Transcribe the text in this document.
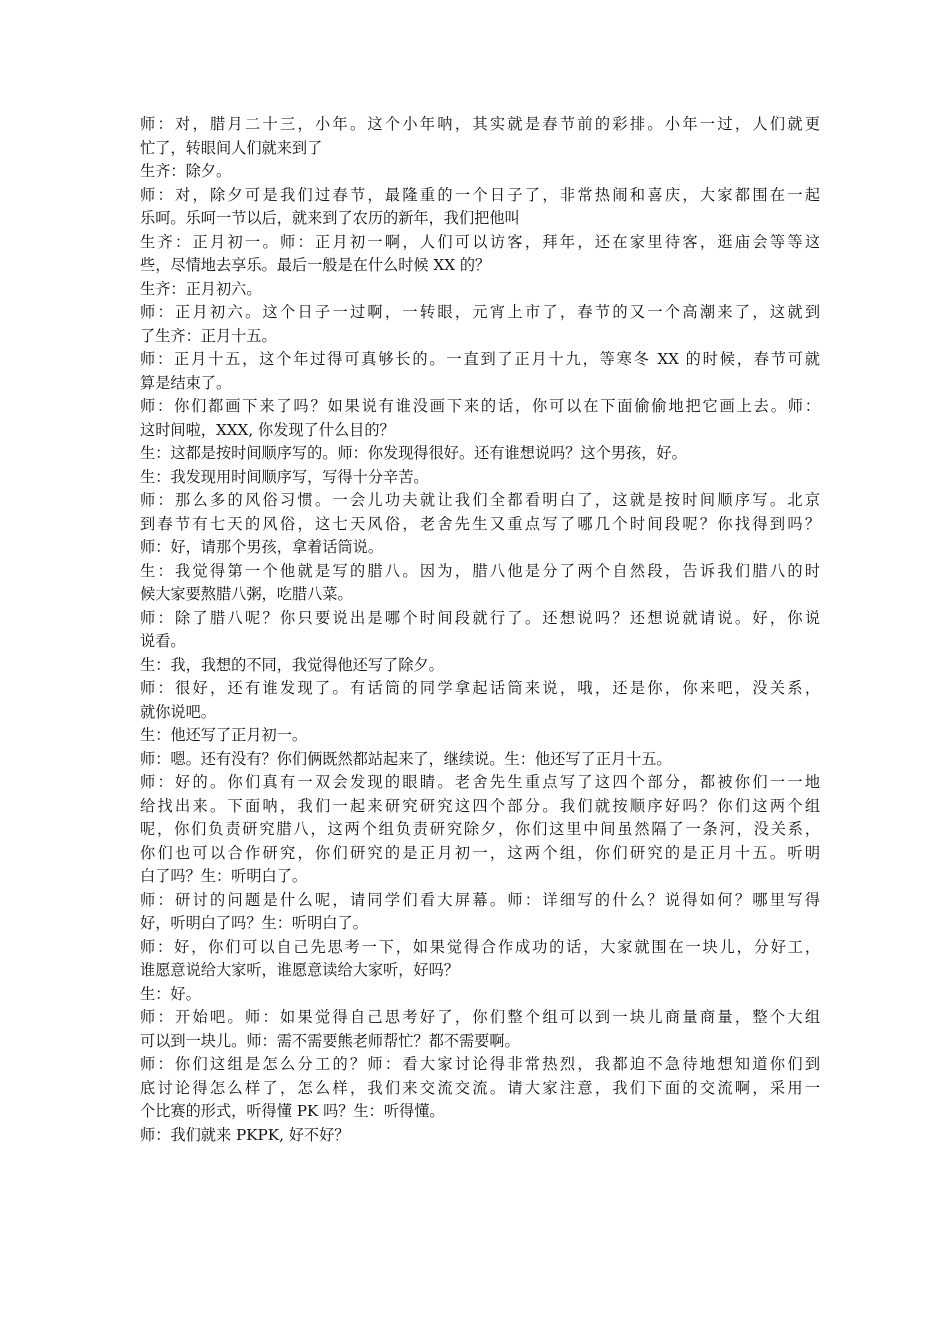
师：对，腊月二十三，小年。这个小年呐，其实就是春节前的彩排。小年一过，人们就更

忙了，转眼间人们就来到了

生齐：除夕。

师：对，除夕可是我们过春节，最隆重的一个日子了，非常热闹和喜庆，大家都围在一起

乐呵。乐呵一节以后，就来到了农历的新年，我们把他叫

生齐：正月初一。师：正月初一啊，人们可以访客，拜年，还在家里待客，逛庙会等等这

些，尽情地去享乐。最后一般是在什么时候 XX 的？

生齐：正月初六。

师：正月初六。这个日子一过啊，一转眼，元宵上市了，春节的又一个高潮来了，这就到

了生齐：正月十五。

师：正月十五，这个年过得可真够长的。一直到了正月十九，等寒冬 XX 的时候，春节可就

算是结束了。

师：你们都画下来了吗？如果说有谁没画下来的话，你可以在下面偷偷地把它画上去。师：

这时间啦，XXX, 你发现了什么目的？

生：这都是按时间顺序写的。师：你发现得很好。还有谁想说吗？这个男孩，好。

生：我发现用时间顺序写，写得十分辛苦。

师：那么多的风俗习惯。一会儿功夫就让我们全都看明白了，这就是按时间顺序写。北京

到春节有七天的风俗，这七天风俗，老舍先生又重点写了哪几个时间段呢？你找得到吗？

师：好，请那个男孩，拿着话筒说。

生：我觉得第一个他就是写的腊八。因为，腊八他是分了两个自然段，告诉我们腊八的时

候大家要熬腊八粥，吃腊八菜。

师：除了腊八呢？你只要说出是哪个时间段就行了。还想说吗？还想说就请说。好，你说

说看。

生：我，我想的不同，我觉得他还写了除夕。

师：很好，还有谁发现了。有话筒的同学拿起话筒来说，哦，还是你，你来吧，没关系，

就你说吧。

生：他还写了正月初一。

师：嗯。还有没有？你们俩既然都站起来了，继续说。生：他还写了正月十五。

师：好的。你们真有一双会发现的眼睛。老舍先生重点写了这四个部分，都被你们一一地

给找出来。下面呐，我们一起来研究研究这四个部分。我们就按顺序好吗？你们这两个组

呢，你们负责研究腊八，这两个组负责研究除夕，你们这里中间虽然隔了一条河，没关系，

你们也可以合作研究，你们研究的是正月初一，这两个组，你们研究的是正月十五。听明

白了吗？生：听明白了。

师：研讨的问题是什么呢，请同学们看大屏幕。师：详细写的什么？说得如何？哪里写得

好，听明白了吗？生：听明白了。

师：好，你们可以自己先思考一下，如果觉得合作成功的话，大家就围在一块儿，分好工，

谁愿意说给大家听，谁愿意读给大家听，好吗？

生：好。

师：开始吧。师：如果觉得自己思考好了，你们整个组可以到一块儿商量商量，整个大组

可以到一块儿。师：需不需要熊老师帮忙？都不需要啊。

师：你们这组是怎么分工的？师：看大家讨论得非常热烈，我都迫不急待地想知道你们到

底讨论得怎么样了，怎么样，我们来交流交流。请大家注意，我们下面的交流啊，采用一

个比赛的形式，听得懂 PK 吗？生：听得懂。

师：我们就来 PKPK, 好不好？
